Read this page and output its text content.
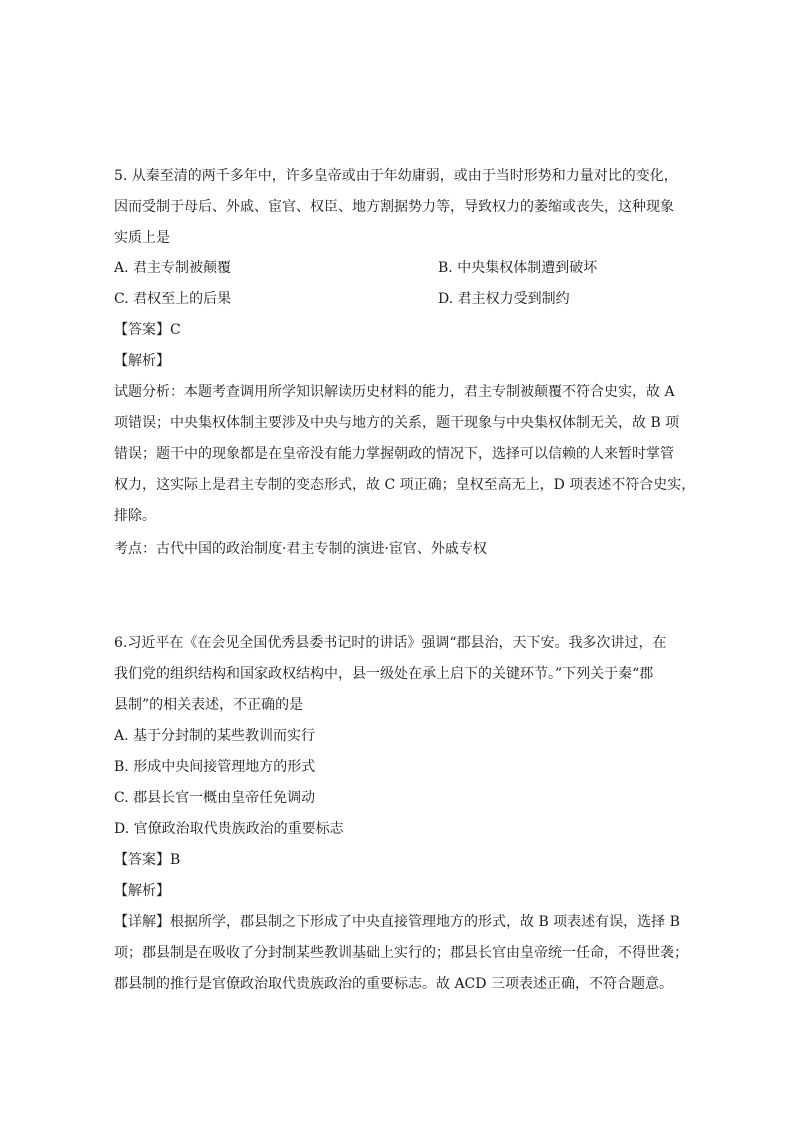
5. 从秦至清的两千多年中，许多皇帝或由于年幼庸弱，或由于当时形势和力量对比的变化，
因而受制于母后、外戚、宦官、权臣、地方割据势力等，导致权力的萎缩或丧失，这种现象
实质上是
A. 君主专制被颠覆	B. 中央集权体制遭到破坏
C. 君权至上的后果	D. 君主权力受到制约
【答案】C
【解析】
试题分析：本题考查调用所学知识解读历史材料的能力，君主专制被颠覆不符合史实，故 A
项错误；中央集权体制主要涉及中央与地方的关系，题干现象与中央集权体制无关，故 B 项
错误；题干中的现象都是在皇帝没有能力掌握朝政的情况下，选择可以信赖的人来暂时掌管
权力，这实际上是君主专制的变态形式，故 C 项正确；皇权至高无上，D 项表述不符合史实，
排除。
考点：古代中国的政治制度·君主专制的演进·宦官、外戚专权
6.习近平在《在会见全国优秀县委书记时的讲话》强调“郡县治，天下安。我多次讲过，在
我们党的组织结构和国家政权结构中，县一级处在承上启下的关键环节。”下列关于秦“郡
县制”的相关表述，不正确的是
A. 基于分封制的某些教训而实行
B. 形成中央间接管理地方的形式
C. 郡县长官一概由皇帝任免调动
D. 官僚政治取代贵族政治的重要标志
【答案】B
【解析】
【详解】根据所学，郡县制之下形成了中央直接管理地方的形式，故 B 项表述有误，选择 B
项；郡县制是在吸收了分封制某些教训基础上实行的；郡县长官由皇帝统一任命，不得世袭；
郡县制的推行是官僚政治取代贵族政治的重要标志。故 ACD 三项表述正确，不符合题意。
